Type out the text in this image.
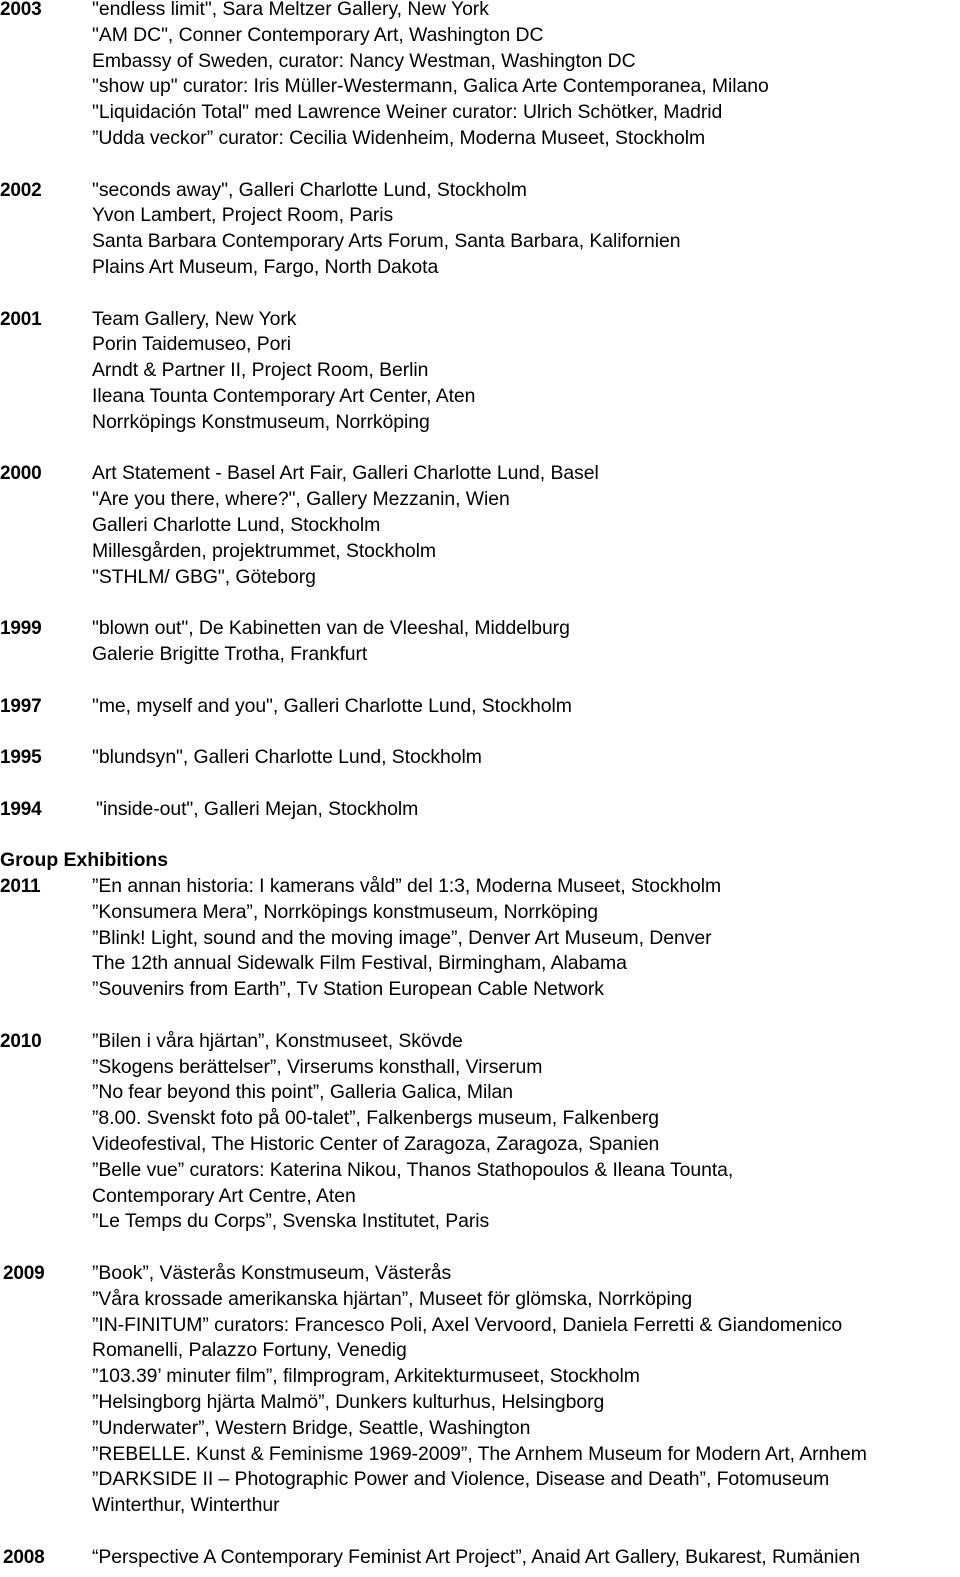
2003	"endless limit", Sara Meltzer Gallery, New York
"AM DC", Conner Contemporary Art, Washington DC
Embassy of Sweden, curator: Nancy Westman, Washington DC
"show up" curator: Iris Müller-Westermann, Galica Arte Contemporanea, Milano
"Liquidación Total" med Lawrence Weiner curator: Ulrich Schötker, Madrid
”Udda veckor” curator: Cecilia Widenheim, Moderna Museet, Stockholm
2002	"seconds away", Galleri Charlotte Lund, Stockholm
Yvon Lambert, Project Room, Paris
Santa Barbara Contemporary Arts Forum, Santa Barbara, Kalifornien
Plains Art Museum, Fargo, North Dakota
2001	Team Gallery, New York
Porin Taidemuseo, Pori
Arndt & Partner II, Project Room, Berlin
Ileana Tounta Contemporary Art Center, Aten
Norrköpings Konstmuseum, Norrköping
2000	Art Statement - Basel Art Fair, Galleri Charlotte Lund, Basel
"Are you there, where?", Gallery Mezzanin, Wien
Galleri Charlotte Lund, Stockholm
Millesgården, projektrummet, Stockholm
"STHLM/ GBG", Göteborg
1999	"blown out", De Kabinetten van de Vleeshal, Middelburg
Galerie Brigitte Trotha, Frankfurt
1997	"me, myself and you", Galleri Charlotte Lund, Stockholm
1995	"blundsyn", Galleri Charlotte Lund, Stockholm
1994	"inside-out", Galleri Mejan, Stockholm
Group Exhibitions
2011	”En annan historia: I kamerans våld” del 1:3, Moderna Museet, Stockholm
”Konsumera Mera”, Norrköpings konstmuseum, Norrköping
”Blink! Light, sound and the moving image”, Denver Art Museum, Denver
The 12th annual Sidewalk Film Festival, Birmingham, Alabama
”Souvenirs from Earth”, Tv Station European Cable Network
2010	”Bilen i våra hjärtan”, Konstmuseet, Skövde
”Skogens berättelser”, Virserums konsthall, Virserum
”No fear beyond this point”, Galleria Galica, Milan
”8.00. Svenskt foto på 00-talet”, Falkenbergs museum, Falkenberg
Videofestival, The Historic Center of Zaragoza, Zaragoza, Spanien
”Belle vue” curators: Katerina Nikou, Thanos Stathopoulos & Ileana Tounta,
Contemporary Art Centre, Aten
”Le Temps du Corps”, Svenska Institutet, Paris
2009 ”Book”, Västerås Konstmuseum, Västerås
”Våra krossade amerikanska hjärtan”, Museet för glömska, Norrköping
”IN-FINITUM” curators: Francesco Poli, Axel Vervoord, Daniela Ferretti & Giandomenico
Romanelli, Palazzo Fortuny, Venedig
”103.39’ minuter film”, filmprogram, Arkitekturmuseet, Stockholm
”Helsingborg hjärta Malmö”, Dunkers kulturhus, Helsingborg
”Underwater”, Western Bridge, Seattle, Washington
”REBELLE. Kunst & Feminisme 1969-2009”, The Arnhem Museum for Modern Art, Arnhem
”DARKSIDE II – Photographic Power and Violence, Disease and Death”, Fotomuseum
Winterthur, Winterthur
2008 “Perspective A Contemporary Feminist Art Project”, Anaid Art Gallery, Bukarest, Rumänien
